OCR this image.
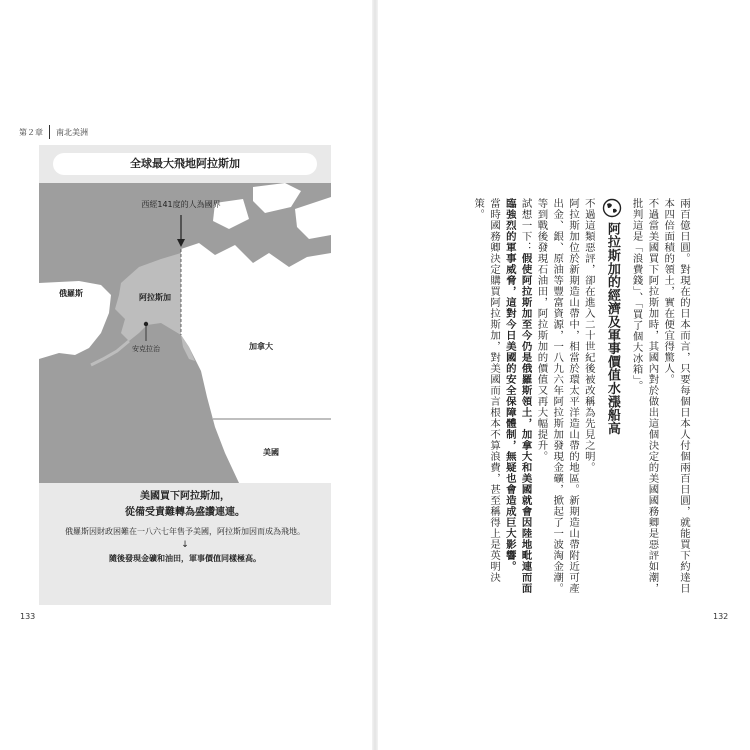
第２章 南北美洲
全球最大飛地阿拉斯加
西經141度的人為國界
俄羅斯	阿拉斯加
安克拉治	加拿大
美國
美國買下阿拉斯加，
從備受責難轉為盛讚連連。
俄羅斯因財政困難在一八六七年售予美國，阿拉斯加因而成為飛地。
↓
隨後發現金礦和油田，軍事價值同樣極高。
133

兩百億日圓。對現在的日本而言，只要每個日本人付個兩百日圓，就能買下約達日本四倍面積的領土，實在便宜得驚人。

不過當美國買下阿拉斯加時，其國內對於做出這個決定的美國國務卿是惡評如潮，批判這是「浪費錢」、「買了個大冰箱」。

阿拉斯加的經濟及軍事價值水漲船高

不過這類惡評，卻在進入二十世紀後被改稱為先見之明。

阿拉斯加位於新期造山帶中，相當於環太平洋造山帶的地區。新期造山帶附近可產出金、銀、原油等豐富資源，一八九六年阿拉斯加發現金礦，掀起了一波淘金潮。等到戰後發現石油田，阿拉斯加的價值又再大幅提升。

試想一下：假使阿拉斯加至今仍是俄羅斯領土，加拿大和美國就會因陸地毗連而面臨強烈的軍事威脅，這對今日美國的安全保障體制，無疑也會造成巨大影響。

當時國務卿決定購買阿拉斯加，對美國而言根本不算浪費，甚至稱得上是英明決策。

132
